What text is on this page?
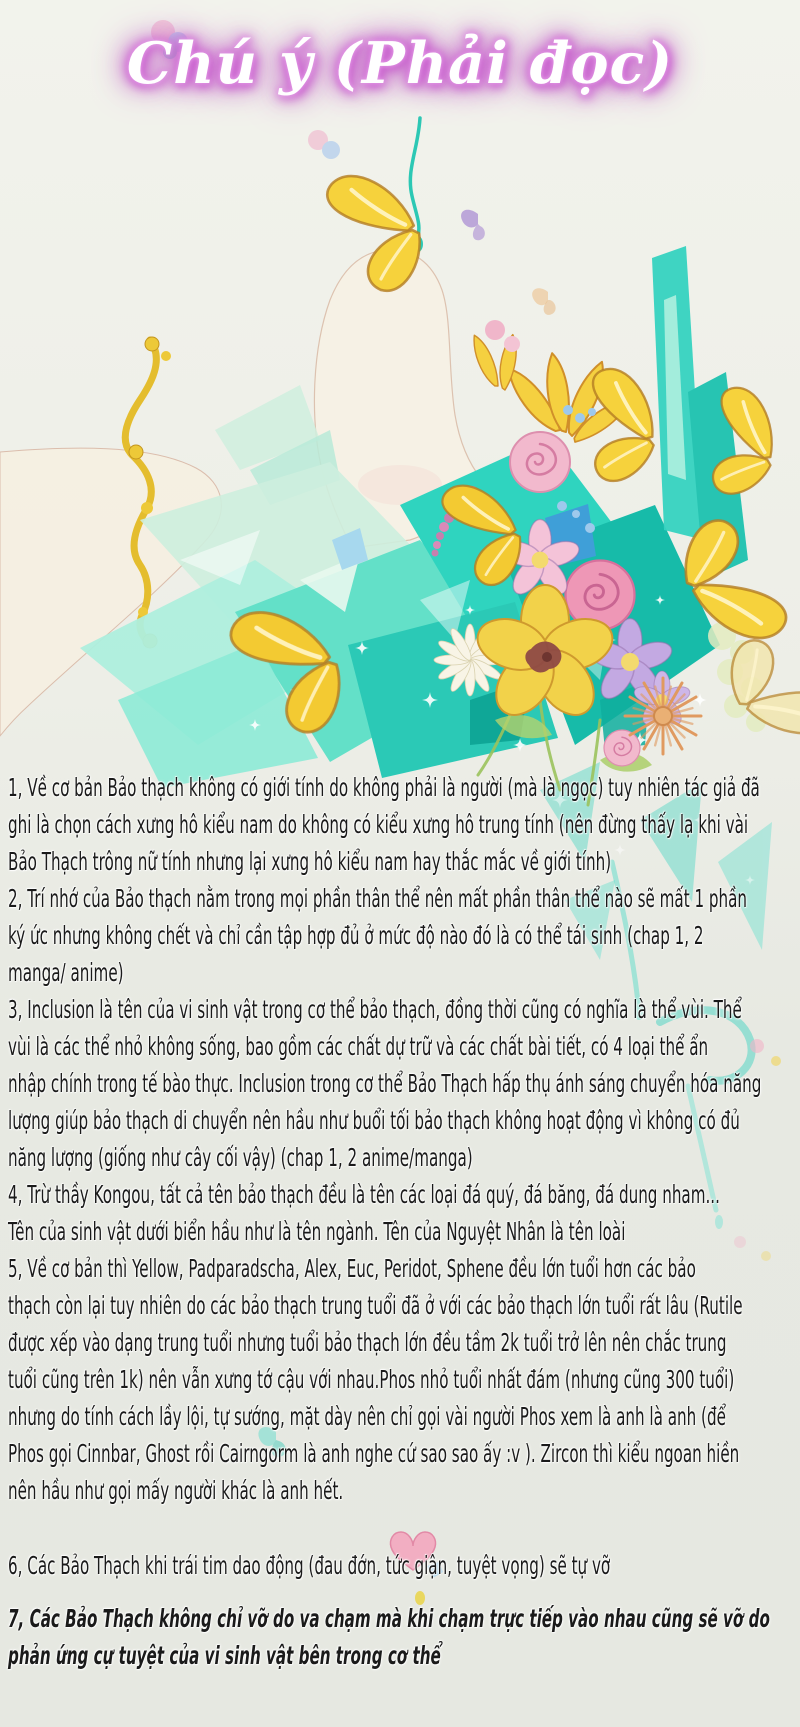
Chú ý (Phải đọc)

1, Về cơ bản Bảo thạch không có giới tính do không phải là người (mà là ngọc) tuy nhiên tác giả đã
ghi là chọn cách xưng hô kiểu nam do không có kiểu xưng hô trung tính (nên đừng thấy lạ khi vài
Bảo Thạch trông nữ tính nhưng lại xưng hô kiểu nam hay thắc mắc về giới tính)

2, Trí nhớ của Bảo thạch nằm trong mọi phần thân thể nên mất phần thân thể nào sẽ mất 1 phần
ký ức nhưng không chết và chỉ cần tập hợp đủ ở mức độ nào đó là có thể tái sinh (chap 1, 2
manga/ anime)

3, Inclusion là tên của vi sinh vật trong cơ thể bảo thạch, đồng thời cũng có nghĩa là thể vùi. Thể
vùi là các thể nhỏ không sống, bao gồm các chất dự trữ và các chất bài tiết, có 4 loại thể ẩn
nhập chính trong tế bào thực. Inclusion trong cơ thể Bảo Thạch hấp thụ ánh sáng chuyển hóa năng
lượng giúp bảo thạch di chuyển nên hầu như buổi tối bảo thạch không hoạt động vì không có đủ
năng lượng (giống như cây cối vậy) (chap 1, 2 anime/manga)

4, Trừ thầy Kongou, tất cả tên bảo thạch đều là tên các loại đá quý, đá băng, đá dung nham...
Tên của sinh vật dưới biển hầu như là tên ngành. Tên của Nguyệt Nhân là tên loài

5, Về cơ bản thì Yellow, Padparadscha, Alex, Euc, Peridot, Sphene đều lớn tuổi hơn các bảo
thạch còn lại tuy nhiên do các bảo thạch trung tuổi đã ở với các bảo thạch lớn tuổi rất lâu (Rutile
được xếp vào dạng trung tuổi nhưng tuổi bảo thạch lớn đều tầm 2k tuổi trở lên nên chắc trung
tuổi cũng trên 1k) nên vẫn xưng tớ cậu với nhau.Phos nhỏ tuổi nhất đám (nhưng cũng 300 tuổi)
nhưng do tính cách lầy lội, tự sướng, mặt dày nên chỉ gọi vài người Phos xem là anh là anh (để
Phos gọi Cinnbar, Ghost rồi Cairngorm là anh nghe cứ sao sao ấy :v ). Zircon thì kiểu ngoan hiền
nên hầu như gọi mấy người khác là anh hết.

6, Các Bảo Thạch khi trái tim dao động (đau đớn, tức giận, tuyệt vọng) sẽ tự vỡ

7, Các Bảo Thạch không chỉ vỡ do va chạm mà khi chạm trực tiếp vào nhau cũng sẽ vỡ do
phản ứng cự tuyệt của vi sinh vật bên trong cơ thể
